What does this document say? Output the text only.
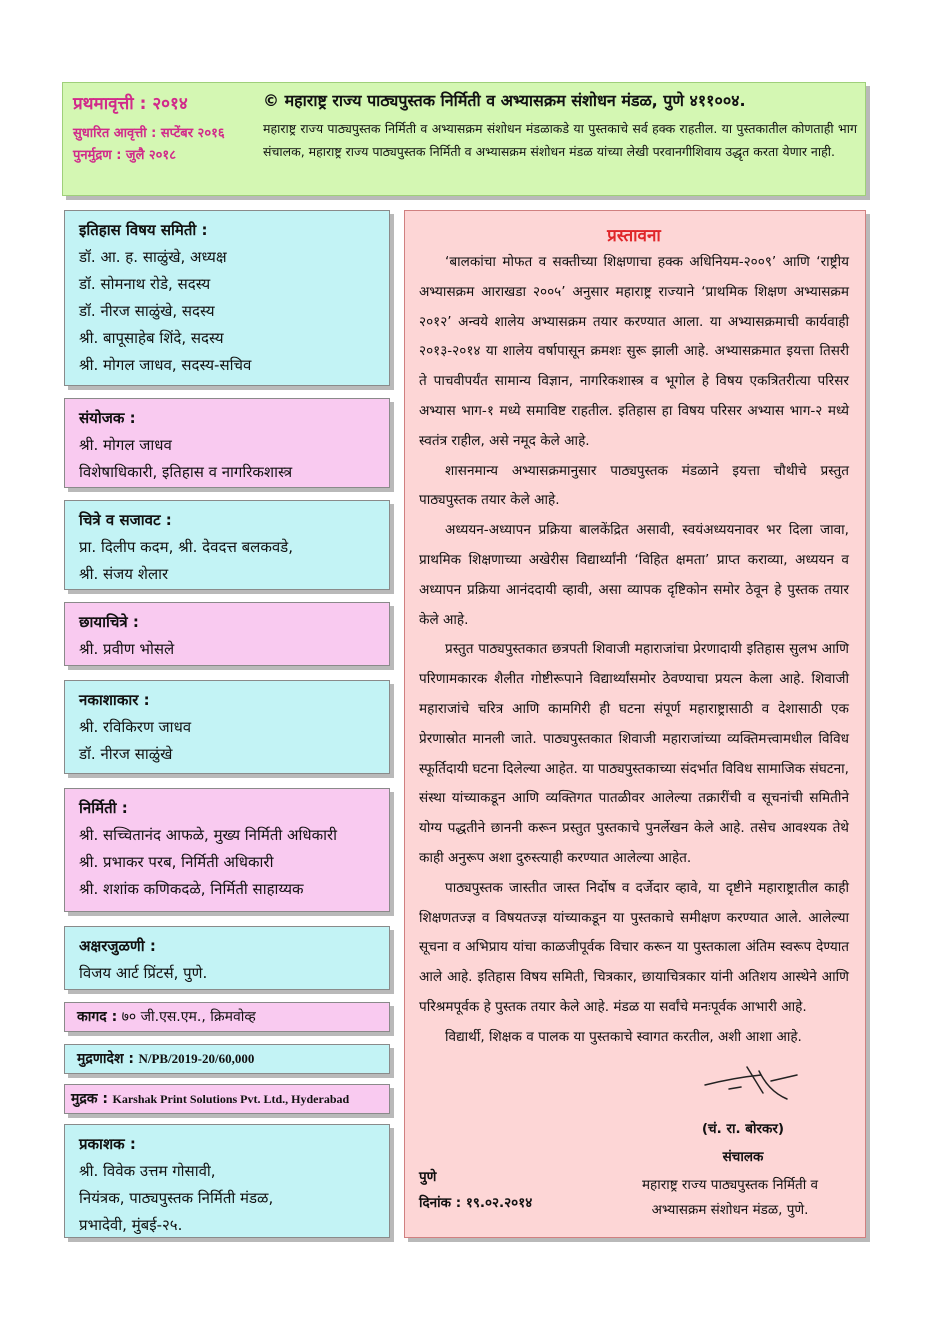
प्रथमावृत्ती : २०१४
सुधारित आवृत्ती : सप्टेंबर २०१६
पुनर्मुद्रण : जुलै २०१८
© महाराष्ट्र राज्य पाठ्यपुस्तक निर्मिती व अभ्यासक्रम संशोधन मंडळ, पुणे ४११००४.
महाराष्ट्र राज्य पाठ्यपुस्तक निर्मिती व अभ्यासक्रम संशोधन मंडळाकडे या पुस्तकाचे सर्व हक्क राहतील. या पुस्तकातील कोणताही भाग संचालक, महाराष्ट्र राज्य पाठ्यपुस्तक निर्मिती व अभ्यासक्रम संशोधन मंडळ यांच्या लेखी परवानगीशिवाय उद्धृत करता येणार नाही.
इतिहास विषय समिती :
डॉ. आ. ह. साळुंखे, अध्यक्ष
डॉ. सोमनाथ रोडे, सदस्य
डॉ. नीरज साळुंखे, सदस्य
श्री. बापूसाहेब शिंदे, सदस्य
श्री. मोगल जाधव, सदस्य-सचिव
संयोजक :
श्री. मोगल जाधव
विशेषाधिकारी, इतिहास व नागरिकशास्त्र
चित्रे व सजावट :
प्रा. दिलीप कदम, श्री. देवदत्त बलकवडे,
श्री. संजय शेलार
छायाचित्रे :
श्री. प्रवीण भोसले
नकाशाकार :
श्री. रविकिरण जाधव
डॉ. नीरज साळुंखे
निर्मिती :
श्री. सच्चितानंद आफळे, मुख्य निर्मिती अधिकारी
श्री. प्रभाकर परब, निर्मिती अधिकारी
श्री. शशांक कणिकदळे, निर्मिती साहाय्यक
अक्षरजुळणी :
विजय आर्ट प्रिंटर्स, पुणे.
कागद : ७० जी.एस.एम., क्रिमवोव्ह
मुद्रणादेश : N/PB/2019-20/60,000
मुद्रक : Karshak Print Solutions Pvt. Ltd., Hyderabad
प्रकाशक :
श्री. विवेक उत्तम गोसावी,
नियंत्रक, पाठ्यपुस्तक निर्मिती मंडळ,
प्रभादेवी, मुंबई-२५.
प्रस्तावना

‘बालकांचा मोफत व सक्तीच्या शिक्षणाचा हक्क अधिनियम-२००९’ आणि ‘राष्ट्रीय अभ्यासक्रम आराखडा २००५’ अनुसार महाराष्ट्र राज्याने ‘प्राथमिक शिक्षण अभ्यासक्रम २०१२’ अन्वये शालेय अभ्यासक्रम तयार करण्यात आला. या अभ्यासक्रमाची कार्यवाही २०१३-२०१४ या शालेय वर्षापासून क्रमशः सुरू झाली आहे. अभ्यासक्रमात इयत्ता तिसरी ते पाचवीपर्यंत सामान्य विज्ञान, नागरिकशास्त्र व भूगोल हे विषय एकत्रितरीत्या परिसर अभ्यास भाग-१ मध्ये समाविष्ट राहतील. इतिहास हा विषय परिसर अभ्यास भाग-२ मध्ये स्वतंत्र राहील, असे नमूद केले आहे.

शासनमान्य अभ्यासक्रमानुसार पाठ्यपुस्तक मंडळाने इयत्ता चौथीचे प्रस्तुत पाठ्यपुस्तक तयार केले आहे.

अध्ययन-अध्यापन प्रक्रिया बालकेंद्रित असावी, स्वयंअध्ययनावर भर दिला जावा, प्राथमिक शिक्षणाच्या अखेरीस विद्यार्थ्यांनी ‘विहित क्षमता’ प्राप्त कराव्या, अध्ययन व अध्यापन प्रक्रिया आनंददायी व्हावी, असा व्यापक दृष्टिकोन समोर ठेवून हे पुस्तक तयार केले आहे.

प्रस्तुत पाठ्यपुस्तकात छत्रपती शिवाजी महाराजांचा प्रेरणादायी इतिहास सुलभ आणि परिणामकारक शैलीत गोष्टीरूपाने विद्यार्थ्यांसमोर ठेवण्याचा प्रयत्न केला आहे. शिवाजी महाराजांचे चरित्र आणि कामगिरी ही घटना संपूर्ण महाराष्ट्रासाठी व देशासाठी एक प्रेरणास्रोत मानली जाते. पाठ्यपुस्तकात शिवाजी महाराजांच्या व्यक्तिमत्त्वामधील विविध स्फूर्तिदायी घटना दिलेल्या आहेत. या पाठ्यपुस्तकाच्या संदर्भात विविध सामाजिक संघटना, संस्था यांच्याकडून आणि व्यक्तिगत पातळीवर आलेल्या तक्रारींची व सूचनांची समितीने योग्य पद्धतीने छाननी करून प्रस्तुत पुस्तकाचे पुनर्लेखन केले आहे. तसेच आवश्यक तेथे काही अनुरूप अशा दुरुस्त्याही करण्यात आलेल्या आहेत.

पाठ्यपुस्तक जास्तीत जास्त निर्दोष व दर्जेदार व्हावे, या दृष्टीने महाराष्ट्रातील काही शिक्षणतज्ज्ञ व विषयतज्ज्ञ यांच्याकडून या पुस्तकाचे समीक्षण करण्यात आले. आलेल्या सूचना व अभिप्राय यांचा काळजीपूर्वक विचार करून या पुस्तकाला अंतिम स्वरूप देण्यात आले आहे. इतिहास विषय समिती, चित्रकार, छायाचित्रकार यांनी अतिशय आस्थेने आणि परिश्रमपूर्वक हे पुस्तक तयार केले आहे. मंडळ या सर्वांचे मनःपूर्वक आभारी आहे.

विद्यार्थी, शिक्षक व पालक या पुस्तकाचे स्वागत करतील, अशी आशा आहे.

(चं. रा. बोरकर)
संचालक
महाराष्ट्र राज्य पाठ्यपुस्तक निर्मिती व
अभ्यासक्रम संशोधन मंडळ, पुणे.
पुणे
दिनांक : १९.०२.२०१४
